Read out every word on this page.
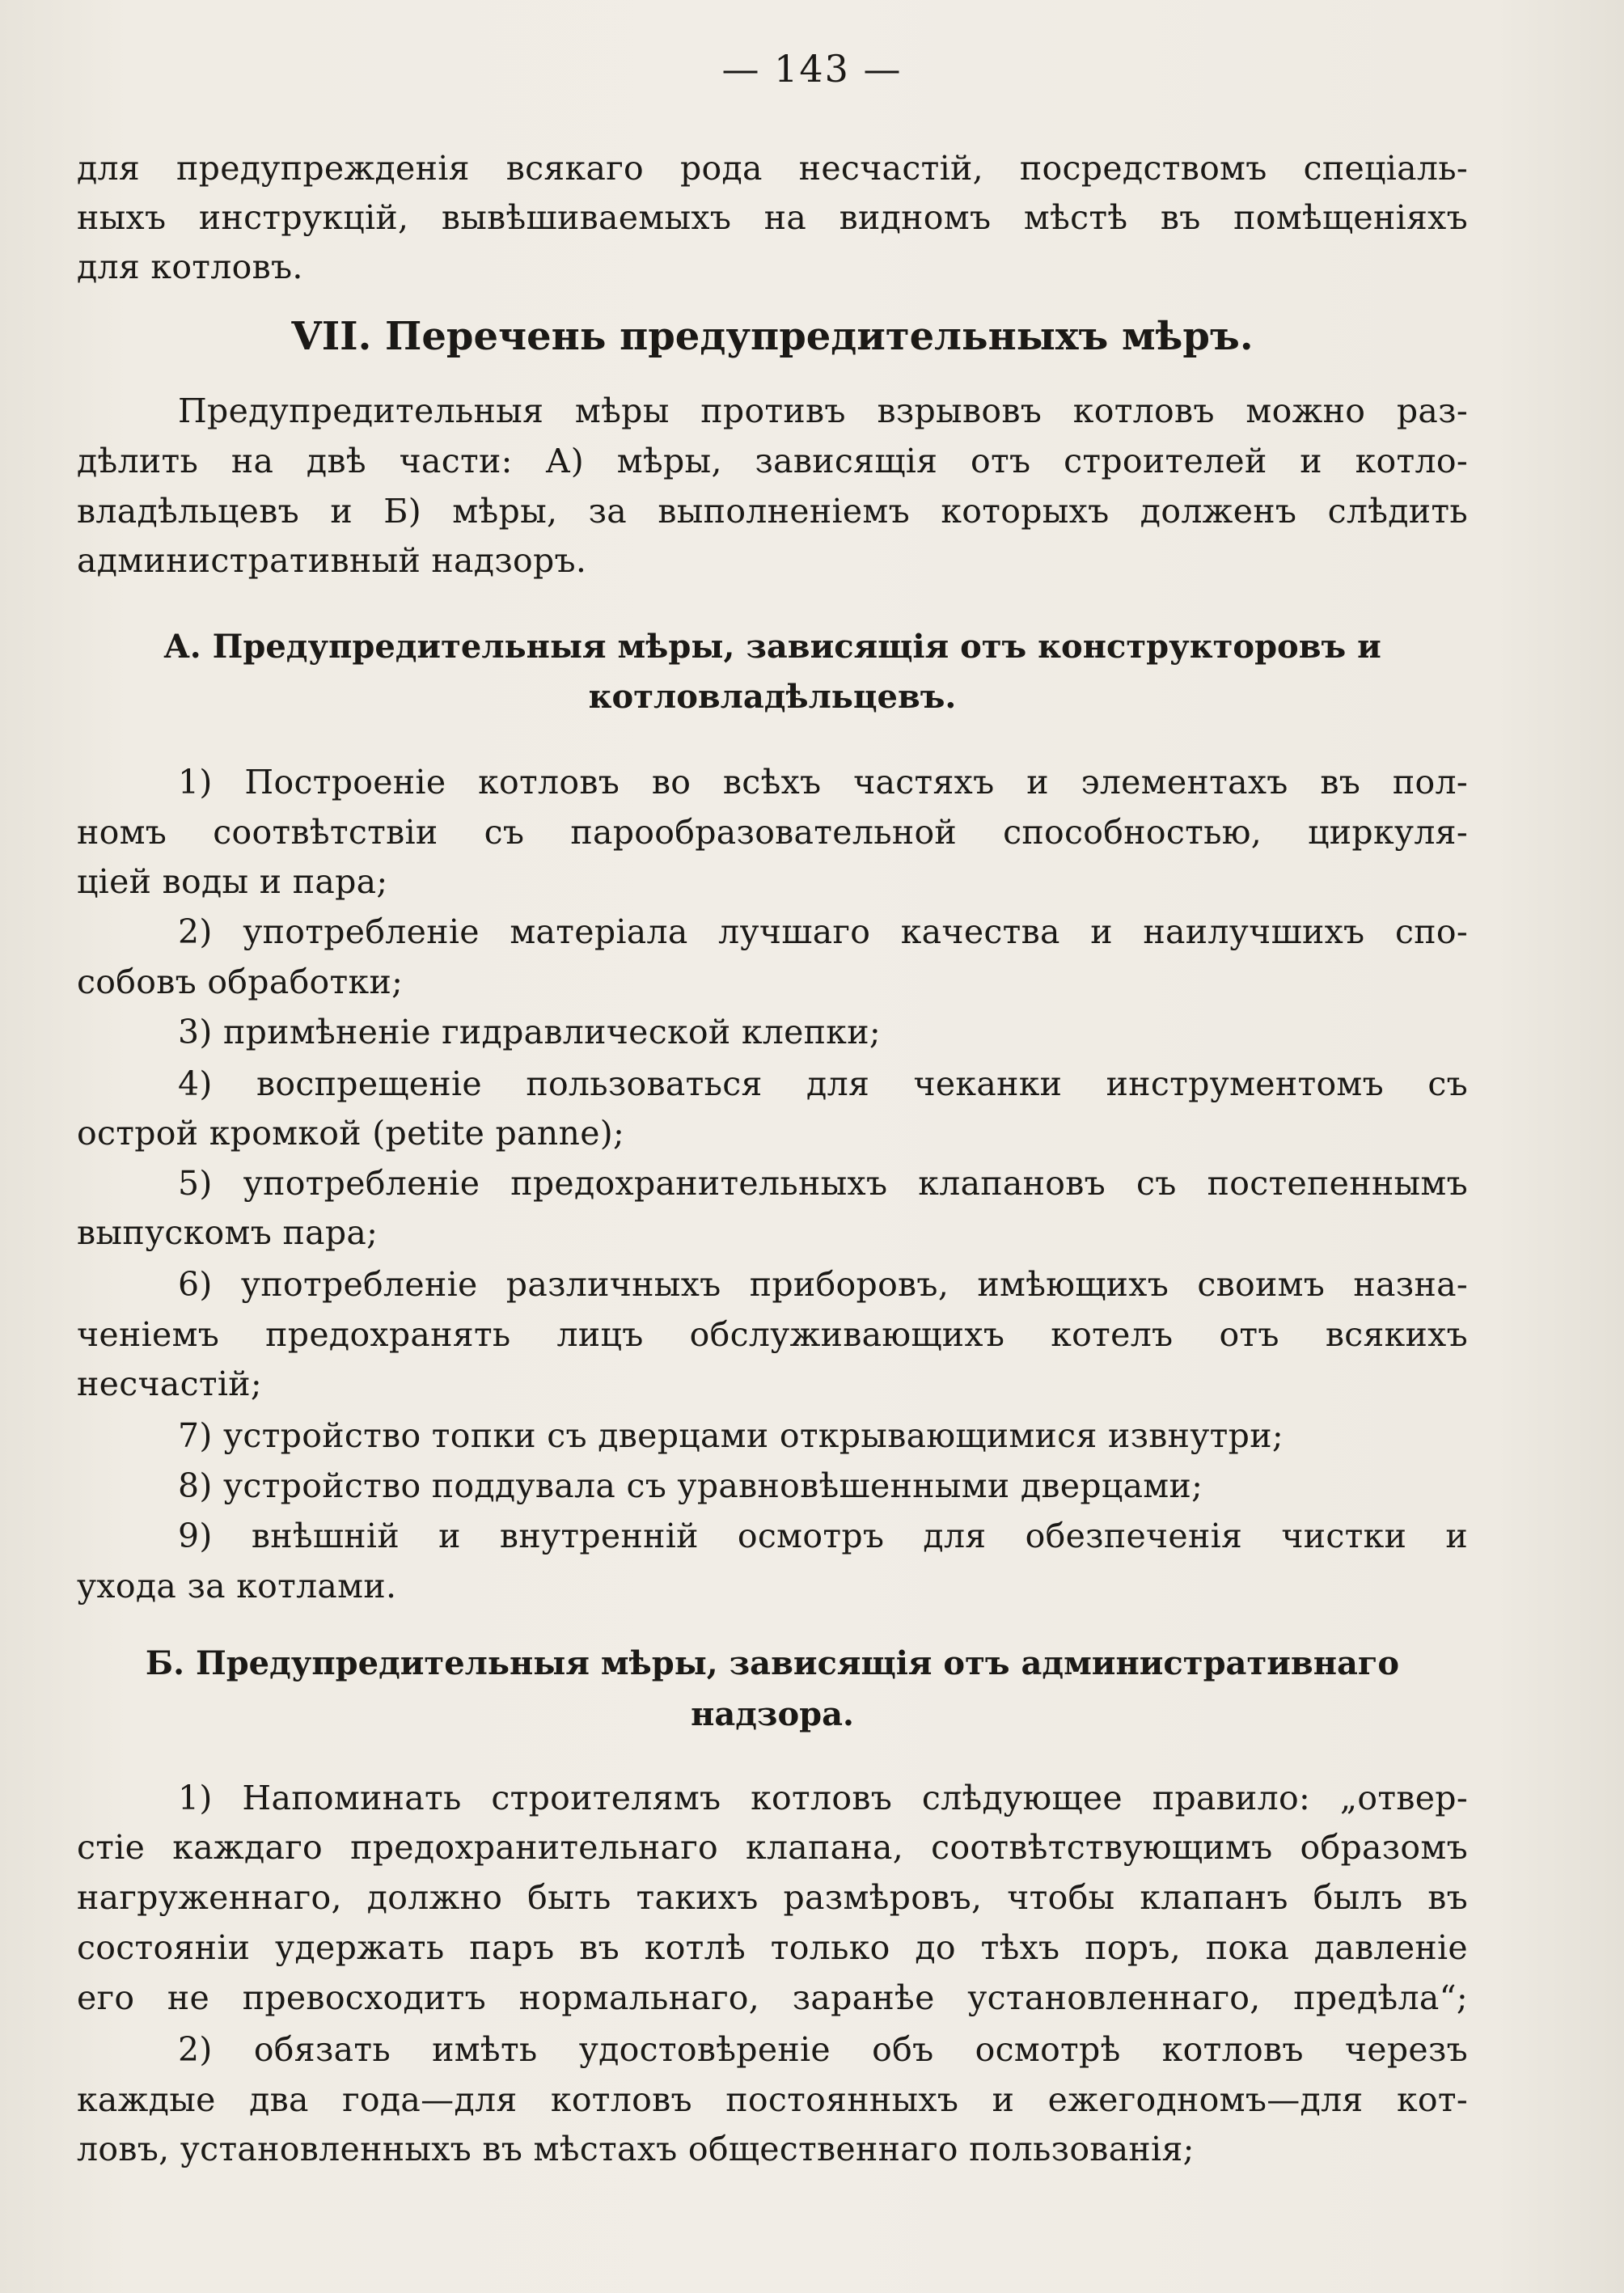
— 143 —
для предупрежденія всякаго рода несчастій, посредствомъ спеціаль-
ныхъ инструкцій, вывѣшиваемыхъ на видномъ мѣстѣ въ помѣщеніяхъ
для котловъ.
VII. Перечень предупредительныхъ мѣръ.
Предупредительныя мѣры противъ взрывовъ котловъ можно раз-
дѣлить на двѣ части: А) мѣры, зависящія отъ строителей и котло-
владѣльцевъ и Б) мѣры, за выполненіемъ которыхъ долженъ слѣдить
административный надзоръ.
А. Предупредительныя мѣры, зависящія отъ конструкторовъ и
котловладѣльцевъ.
1) Построеніе котловъ во всѣхъ частяхъ и элементахъ въ пол-
номъ соотвѣтствіи съ парообразовательной способностью, циркуля-
ціей воды и пара;
2) употребленіе матеріала лучшаго качества и наилучшихъ спо-
собовъ обработки;
3) примѣненіе гидравлической клепки;
4) воспрещеніе пользоваться для чеканки инструментомъ съ
острой кромкой (petite panne);
5) употребленіе предохранительныхъ клапановъ съ постепеннымъ
выпускомъ пара;
6) употребленіе различныхъ приборовъ, имѣющихъ своимъ назна-
ченіемъ предохранять лицъ обслуживающихъ котелъ отъ всякихъ
несчастій;
7) устройство топки съ дверцами открывающимися извнутри;
8) устройство поддувала съ уравновѣшенными дверцами;
9) внѣшній и внутренній осмотръ для обезпеченія чистки и
ухода за котлами.
Б. Предупредительныя мѣры, зависящія отъ административнаго
надзора.
1) Напоминать строителямъ котловъ слѣдующее правило: „отвер-
стіе каждаго предохранительнаго клапана, соотвѣтствующимъ образомъ
нагруженнаго, должно быть такихъ размѣровъ, чтобы клапанъ былъ въ
состояніи удержать паръ въ котлѣ только до тѣхъ поръ, пока давленіе
его не превосходитъ нормальнаго, заранѣе установленнаго, предѣла“;
2) обязать имѣть удостовѣреніе объ осмотрѣ котловъ черезъ
каждые два года—для котловъ постоянныхъ и ежегодномъ—для кот-
ловъ, установленныхъ въ мѣстахъ общественнаго пользованія;
